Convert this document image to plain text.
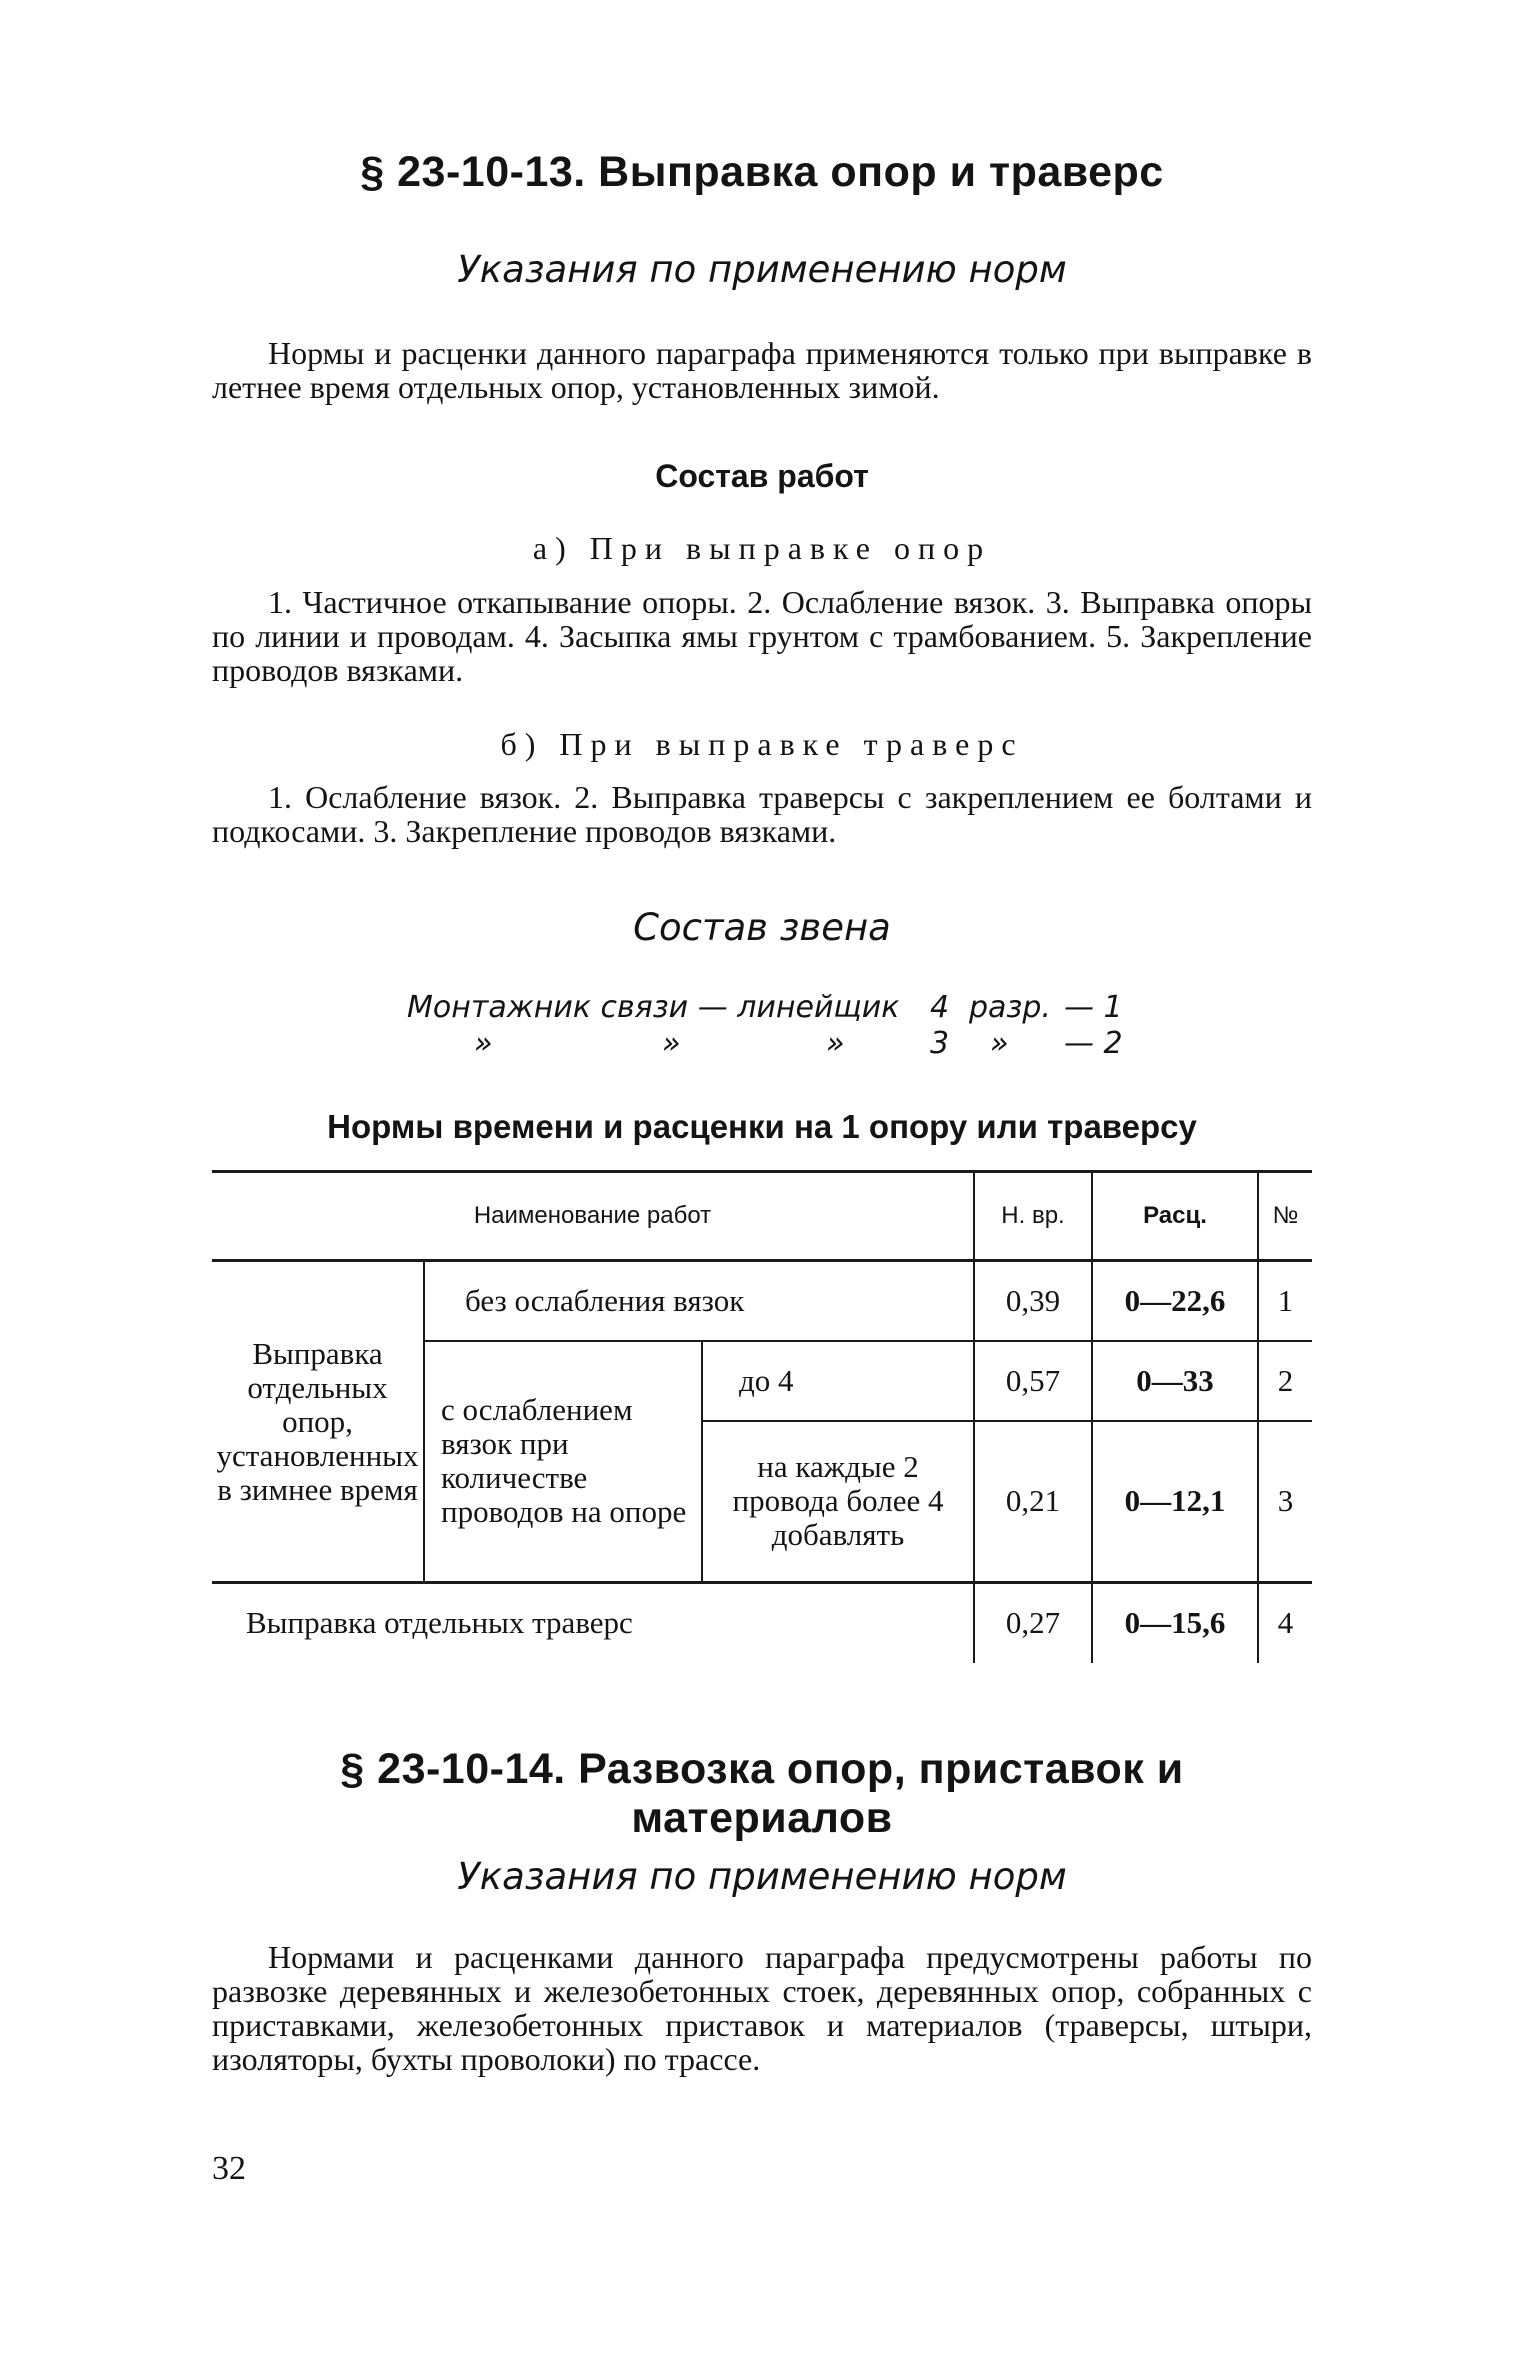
§ 23-10-13. Выправка опор и траверс
Указания по применению норм

Нормы и расценки данного параграфа применяются только при выправке в летнее время отдельных опор, установленных зимой.

Состав работ

а) При выправке опор

1. Частичное откапывание опоры. 2. Ослабление вязок. 3. Выправка опоры по линии и проводам. 4. Засыпка ямы грунтом с трамбованием. 5. Закрепление проводов вязками.

б) При выправке траверс

1. Ослабление вязок. 2. Выправка траверсы с закреплением ее болтами и подкосами. 3. Закрепление проводов вязками.

Состав звена
Монтажник связи — линейщик 4 разр. — 1
»	»	»	3 » — 2

Нормы времени и расценки на 1 опору или траверсу

Наименование работ			Н. вр.	Расц.	№
Выправка отдельных опор, установленных в зимнее время	без ослабления вязок		0,39	0—22,6	1
	с ослаблением вязок при количестве проводов на опоре	до 4	0,57	0—33	2
		на каждые 2 провода более 4 добавлять	0,21	0—12,1	3
Выправка отдельных траверс			0,27	0—15,6	4
§ 23-10-14. Развозка опор, приставок и материалов
Указания по применению норм

Нормами и расценками данного параграфа предусмотрены работы по развозке деревянных и железобетонных стоек, деревянных опор, собранных с приставками, железобетонных приставок и материалов (траверсы, штыри, изоляторы, бухты проволоки) по трассе.

32
